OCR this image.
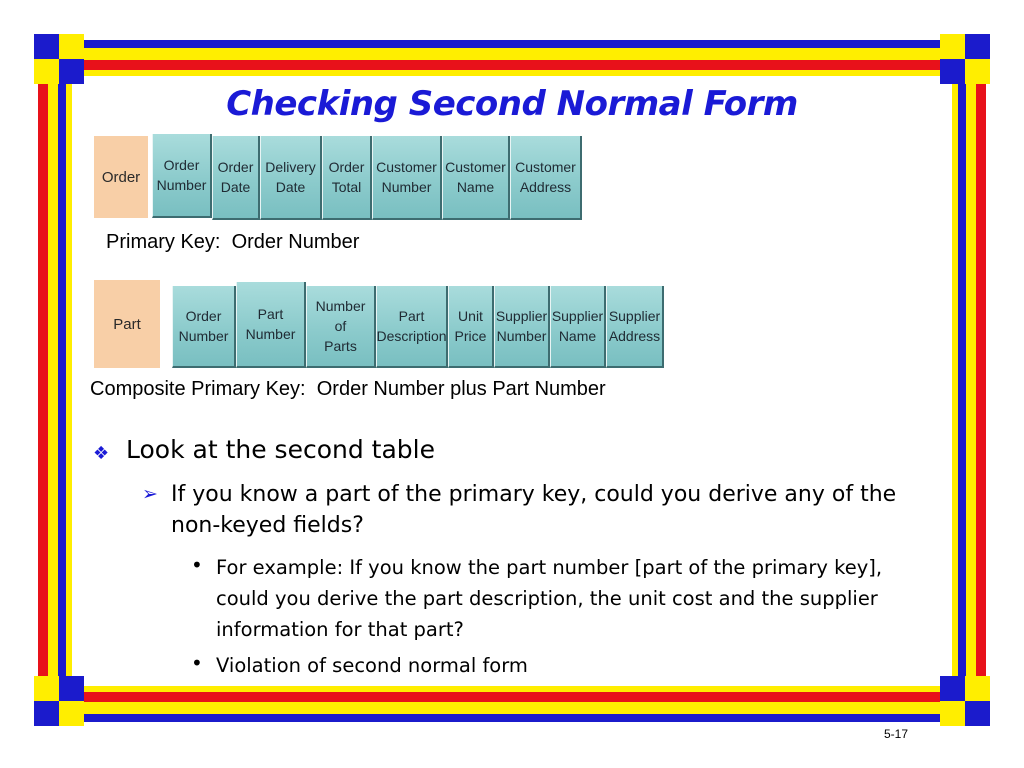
Checking Second Normal Form
Order
Order
Number
Order
Date
Delivery
Date
Order
Total
Customer
Number
Customer
Name
Customer
Address
Primary Key:  Order Number
Part	Order
Number
Part
Number
Number
of
Parts
Part
Description
Unit
Price
Supplier
Number
Supplier
Name
Supplier
Address
Composite Primary Key:  Order Number plus Part Number
❖ Look at the second table
➢ If you know a part of the primary key, could you derive any of the non-keyed fields?
• For example: If you know the part number [part of the primary key], could you derive the part description, the unit cost and the supplier information for that part?
• Violation of second normal form
5-17
